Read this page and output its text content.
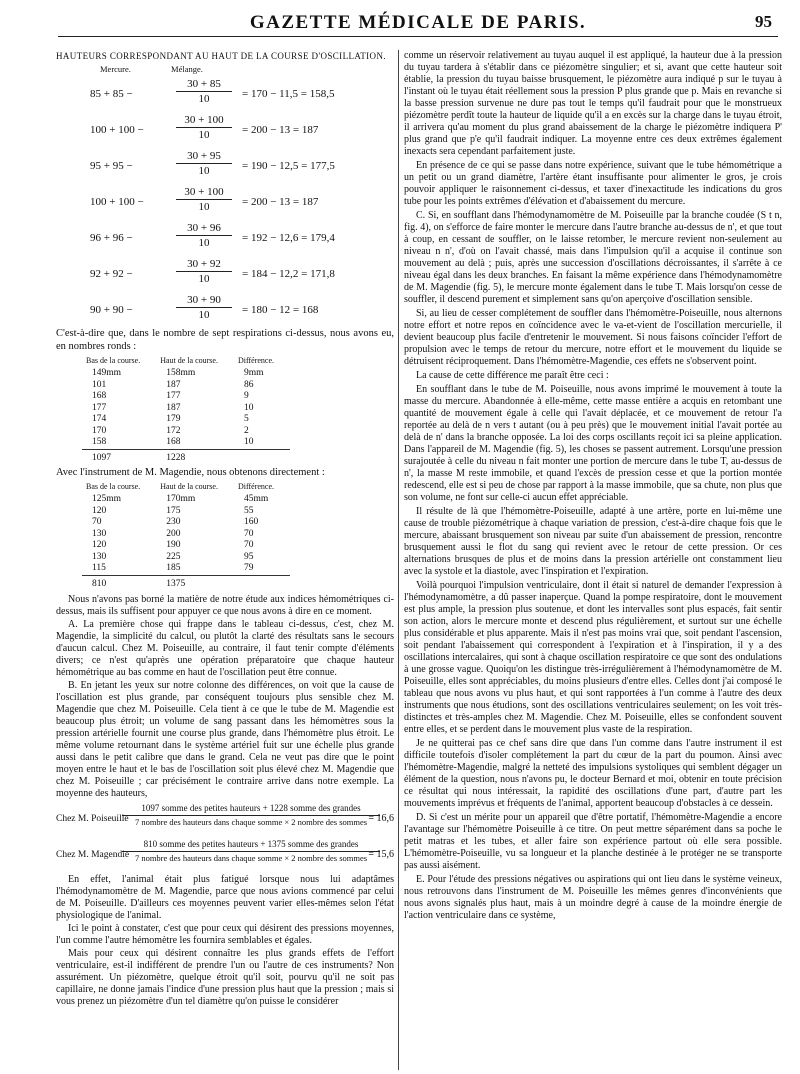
GAZETTE MÉDICALE DE PARIS.	95

HAUTEURS CORRESPONDANT AU HAUT DE LA COURSE D'OSCILLATION.

Mercure.	Mélange.
85 + 85 −	$\frac{30 + 85}{10} = 170 - 11,5 = 158,5$
100 + 100 −	$\frac{30 + 100}{10} = 200 - 13 = 187$
95 + 95 −	$\frac{30 + 95}{10} = 190 - 12,5 = 177,5$
100 + 100 −	$\frac{30 + 100}{10} = 200 - 13 = 187$
96 + 96 −	$\frac{30 + 96}{10} = 192 - 12,6 = 179,4$
92 + 92 −	$\frac{30 + 92}{10} = 184 - 12,2 = 171,8$
90 + 90 −	$\frac{30 + 90}{10} = 180 - 12 = 168$

C'est-à-dire que, dans le nombre de sept respirations ci-dessus, nous avons eu, en nombres ronds :

Bas de la course.	Haut de la course.	Différence.
149mm	158mm	9mm
101	187	86
168	177	9
177	187	10
174	179	5
170	172	2
158	168	10
1097	1228	

Avec l'instrument de M. Magendie, nous obtenons directement :

Bas de la course.	Haut de la course.	Différence.
125mm	170mm	45mm
120	175	55
70	230	160
130	200	70
120	190	70
130	225	95
115	185	79
810	1375	

Nous n'avons pas borné la matière de notre étude aux indices hémométriques ci-dessus, mais ils suffisent pour appuyer ce que nous avons à dire en ce moment.

A. La première chose qui frappe dans le tableau ci-dessus, c'est, chez M. Magendie, la simplicité du calcul, ou plutôt la clarté des résultats sans le secours d'aucun calcul. Chez M. Poiseuille, au contraire, il faut tenir compte d'éléments divers; ce n'est qu'après une opération préparatoire que chaque hauteur hémométrique au bas comme en haut de l'oscillation peut être connue.

B. En jetant les yeux sur notre colonne des différences, on voit que la cause de l'oscillation est plus grande, par conséquent toujours plus sensible chez M. Magendie que chez M. Poiseuille. Cela tient à ce que le tube de M. Magendie est beaucoup plus étroit; un volume de sang passant dans les hémomètres sous la pression artérielle fournit une course plus grande, dans l'hémomètre plus étroit. Le même volume retournant dans le système artériel fuit sur une échelle plus grande aussi dans le petit calibre que dans le grand. Cela ne veut pas dire que le point moyen entre le haut et le bas de l'oscillation soit plus élevé chez M. Magendie que chez M. Poiseuille ; car précisément le contraire arrive dans notre exemple. La moyenne des hauteurs,

Chez M. Poiseuille
1097 somme des petites hauteurs + 1228 somme des grandes
7 nombre des hauteurs dans chaque somme × 2 nombre des sommes = 16,6
Chez M. Magendie
810 somme des petites hauteurs + 1375 somme des grandes
7 nombre des hauteurs dans chaque somme × 2 nombre des sommes = 15,6

En effet, l'animal était plus fatigué lorsque nous lui adaptâmes l'hémodynamomètre de M. Magendie, parce que nous avions commencé par celui de M. Poiseuille. D'ailleurs ces moyennes peuvent varier elles-mêmes selon l'état physiologique de l'animal.

Ici le point à constater, c'est que pour ceux qui désirent des pressions moyennes, l'un comme l'autre hémomètre les fournira semblables et égales.

Mais pour ceux qui désirent connaître les plus grands effets de l'effort ventriculaire, est-il indifférent de prendre l'un ou l'autre de ces instruments? Non assurément. Un piézomètre, quelque étroit qu'il soit, pourvu qu'il ne soit pas capillaire, ne donne jamais l'indice d'une pression plus haut que la pression ; mais si vous prenez un piézomètre d'un tel diamètre qu'on puisse le considérer

comme un réservoir relativement au tuyau auquel il est appliqué, la hauteur due à la pression du tuyau tardera à s'établir dans ce piézomètre singulier; et si, avant que cette hauteur soit établie, la pression du tuyau baisse brusquement, le piézomètre aura indiqué p sur le tuyau à l'instant où le tuyau était réellement sous la pression P plus grande que p. Mais en revanche si la basse pression survenue ne dure pas tout le temps qu'il faudrait pour que le monstrueux piézomètre perdît toute la hauteur de liquide qu'il a en excès sur la charge dans le tuyau étroit, il arrivera qu'au moment du plus grand abaissement de la charge le piézomètre indiquera P' plus grand que p'e qu'il faudrait indiquer. La moyenne entre ces deux extrêmes également inexacts sera cependant parfaitement juste.

En présence de ce qui se passe dans notre expérience, suivant que le tube hémométrique a un petit ou un grand diamètre, l'artère étant insuffisante pour alimenter le gros, je crois pouvoir appliquer le raisonnement ci-dessus, et taxer d'inexactitude les indications du gros tube pour les points extrêmes d'élévation et d'abaissement du mercure.

C. Si, en soufflant dans l'hémodynamomètre de M. Poiseuille par la branche coudée (S t n, fig. 4), on s'efforce de faire monter le mercure dans l'autre branche au-dessus de n', et que tout à coup, en cessant de souffler, on le laisse retomber, le mercure revient non-seulement au niveau n n', d'où on l'avait chassé, mais dans l'impulsion qu'il a acquise il continue son mouvement au delà ; puis, après une succession d'oscillations décroissantes, il s'arrête à ce niveau égal dans les deux branches. En faisant la même expérience dans l'hémodynamomètre de M. Magendie (fig. 5), le mercure monte également dans le tube T. Mais lorsqu'on cesse de souffler, il descend purement et simplement sans qu'on aperçoive d'oscillation sensible.

Si, au lieu de cesser complétement de souffler dans l'hémomètre-Poiseuille, nous alternons notre effort et notre repos en coïncidence avec le va-et-vient de l'oscillation mercurielle, il devient beaucoup plus facile d'entretenir le mouvement. Si nous faisons coïncider l'effort de propulsion avec le temps de retour du mercure, notre effort et le mouvement du liquide se détruisent réciproquement. Dans l'hémomètre-Magendie, ces effets ne s'observent point.

La cause de cette différence me paraît être ceci :

En soufflant dans le tube de M. Poiseuille, nous avons imprimé le mouvement à toute la masse du mercure. Abandonnée à elle-même, cette masse entière a acquis en retombant une quantité de mouvement égale à celle qui l'avait déplacée, et ce mouvement de retour l'a reportée au delà de n vers t autant (ou à peu près) que le mouvement initial l'avait portée au delà de n' dans la branche opposée. La loi des corps oscillants reçoit ici sa pleine application. Dans l'appareil de M. Magendie (fig. 5), les choses se passent autrement. Lorsqu'une pression surajoutée à celle du niveau n fait monter une portion de mercure dans le tube T, au-dessus de n', la masse M reste immobile, et quand l'excès de pression cesse et que la portion montée redescend, elle est si peu de chose par rapport à la masse immobile, que sa chute, non plus que son volume, ne font sur celle-ci aucun effet appréciable.

Il résulte de là que l'hémomètre-Poiseuille, adapté à une artère, porte en lui-même une cause de trouble piézométrique à chaque variation de pression, c'est-à-dire chaque fois que le mercure, abaissant brusquement son niveau par suite d'un abaissement de pression, rencontre brusquement aussi le flot du sang qui revient avec le retour de cette pression. Or ces alternations brusques de plus et de moins dans la pression artérielle ont constamment lieu avec la systole et la diastole, avec l'inspiration et l'expiration.

Voilà pourquoi l'impulsion ventriculaire, dont il était si naturel de demander l'expression à l'hémodynamomètre, a dû passer inaperçue. Quand la pompe respiratoire, dont le mouvement est plus ample, la pression plus soutenue, et dont les intervalles sont plus espacés, fait sentir son action, alors le mercure monte et descend plus régulièrement, et surtout sur une échelle plus considérable et plus apparente. Mais il n'est pas moins vrai que, soit pendant l'ascension, soit pendant l'abaissement qui correspondent à l'expiration et à l'inspiration, il y a des oscillations intercalaires, qui sont à chaque oscillation respiratoire ce que sont des ondulations à une grosse vague. Quoiqu'on les distingue très-irrégulièrement à l'hémodynamomètre de M. Poiseuille, elles sont appréciables, du moins plusieurs d'entre elles. Celles dont j'ai composé le tableau que nous avons vu plus haut, et qui sont rapportées à l'un comme à l'autre des deux instruments que nous étudions, sont des oscillations ventriculaires seulement; on les voit très-distinctes et très-amples chez M. Magendie. Chez M. Poiseuille, elles se confondent souvent entre elles, et se perdent dans le mouvement plus vaste de la respiration.

Je ne quitterai pas ce chef sans dire que dans l'un comme dans l'autre instrument il est difficile toutefois d'isoler complétement la part du cœur de la part du poumon. Ainsi avec l'hémomètre-Magendie, malgré la netteté des impulsions systoliques qui semblent dégager un élément de la question, nous n'avons pu, le docteur Bernard et moi, obtenir en toute précision ce résultat qui nous intéressait, la rapidité des oscillations d'une part, d'autre part les mouvements imprévus et fréquents de l'animal, apportent beaucoup d'obstacles à ce dessein.

D. Si c'est un mérite pour un appareil que d'être portatif, l'hémomètre-Magendie a encore l'avantage sur l'hémomètre Poiseuille à ce titre. On peut mettre séparément dans sa poche le petit matras et les tubes, et aller faire son expérience partout où elle sera possible. L'hémomètre-Poiseuille, vu sa longueur et la planche destinée à le protéger ne se transporte pas aussi aisément.

E. Pour l'étude des pressions négatives ou aspirations qui ont lieu dans le système veineux, nous retrouvons dans l'instrument de M. Poiseuille les mêmes genres d'inconvénients que nous avons signalés plus haut, mais à un moindre degré à cause de la moindre énergie de l'action ventriculaire dans ce système,
